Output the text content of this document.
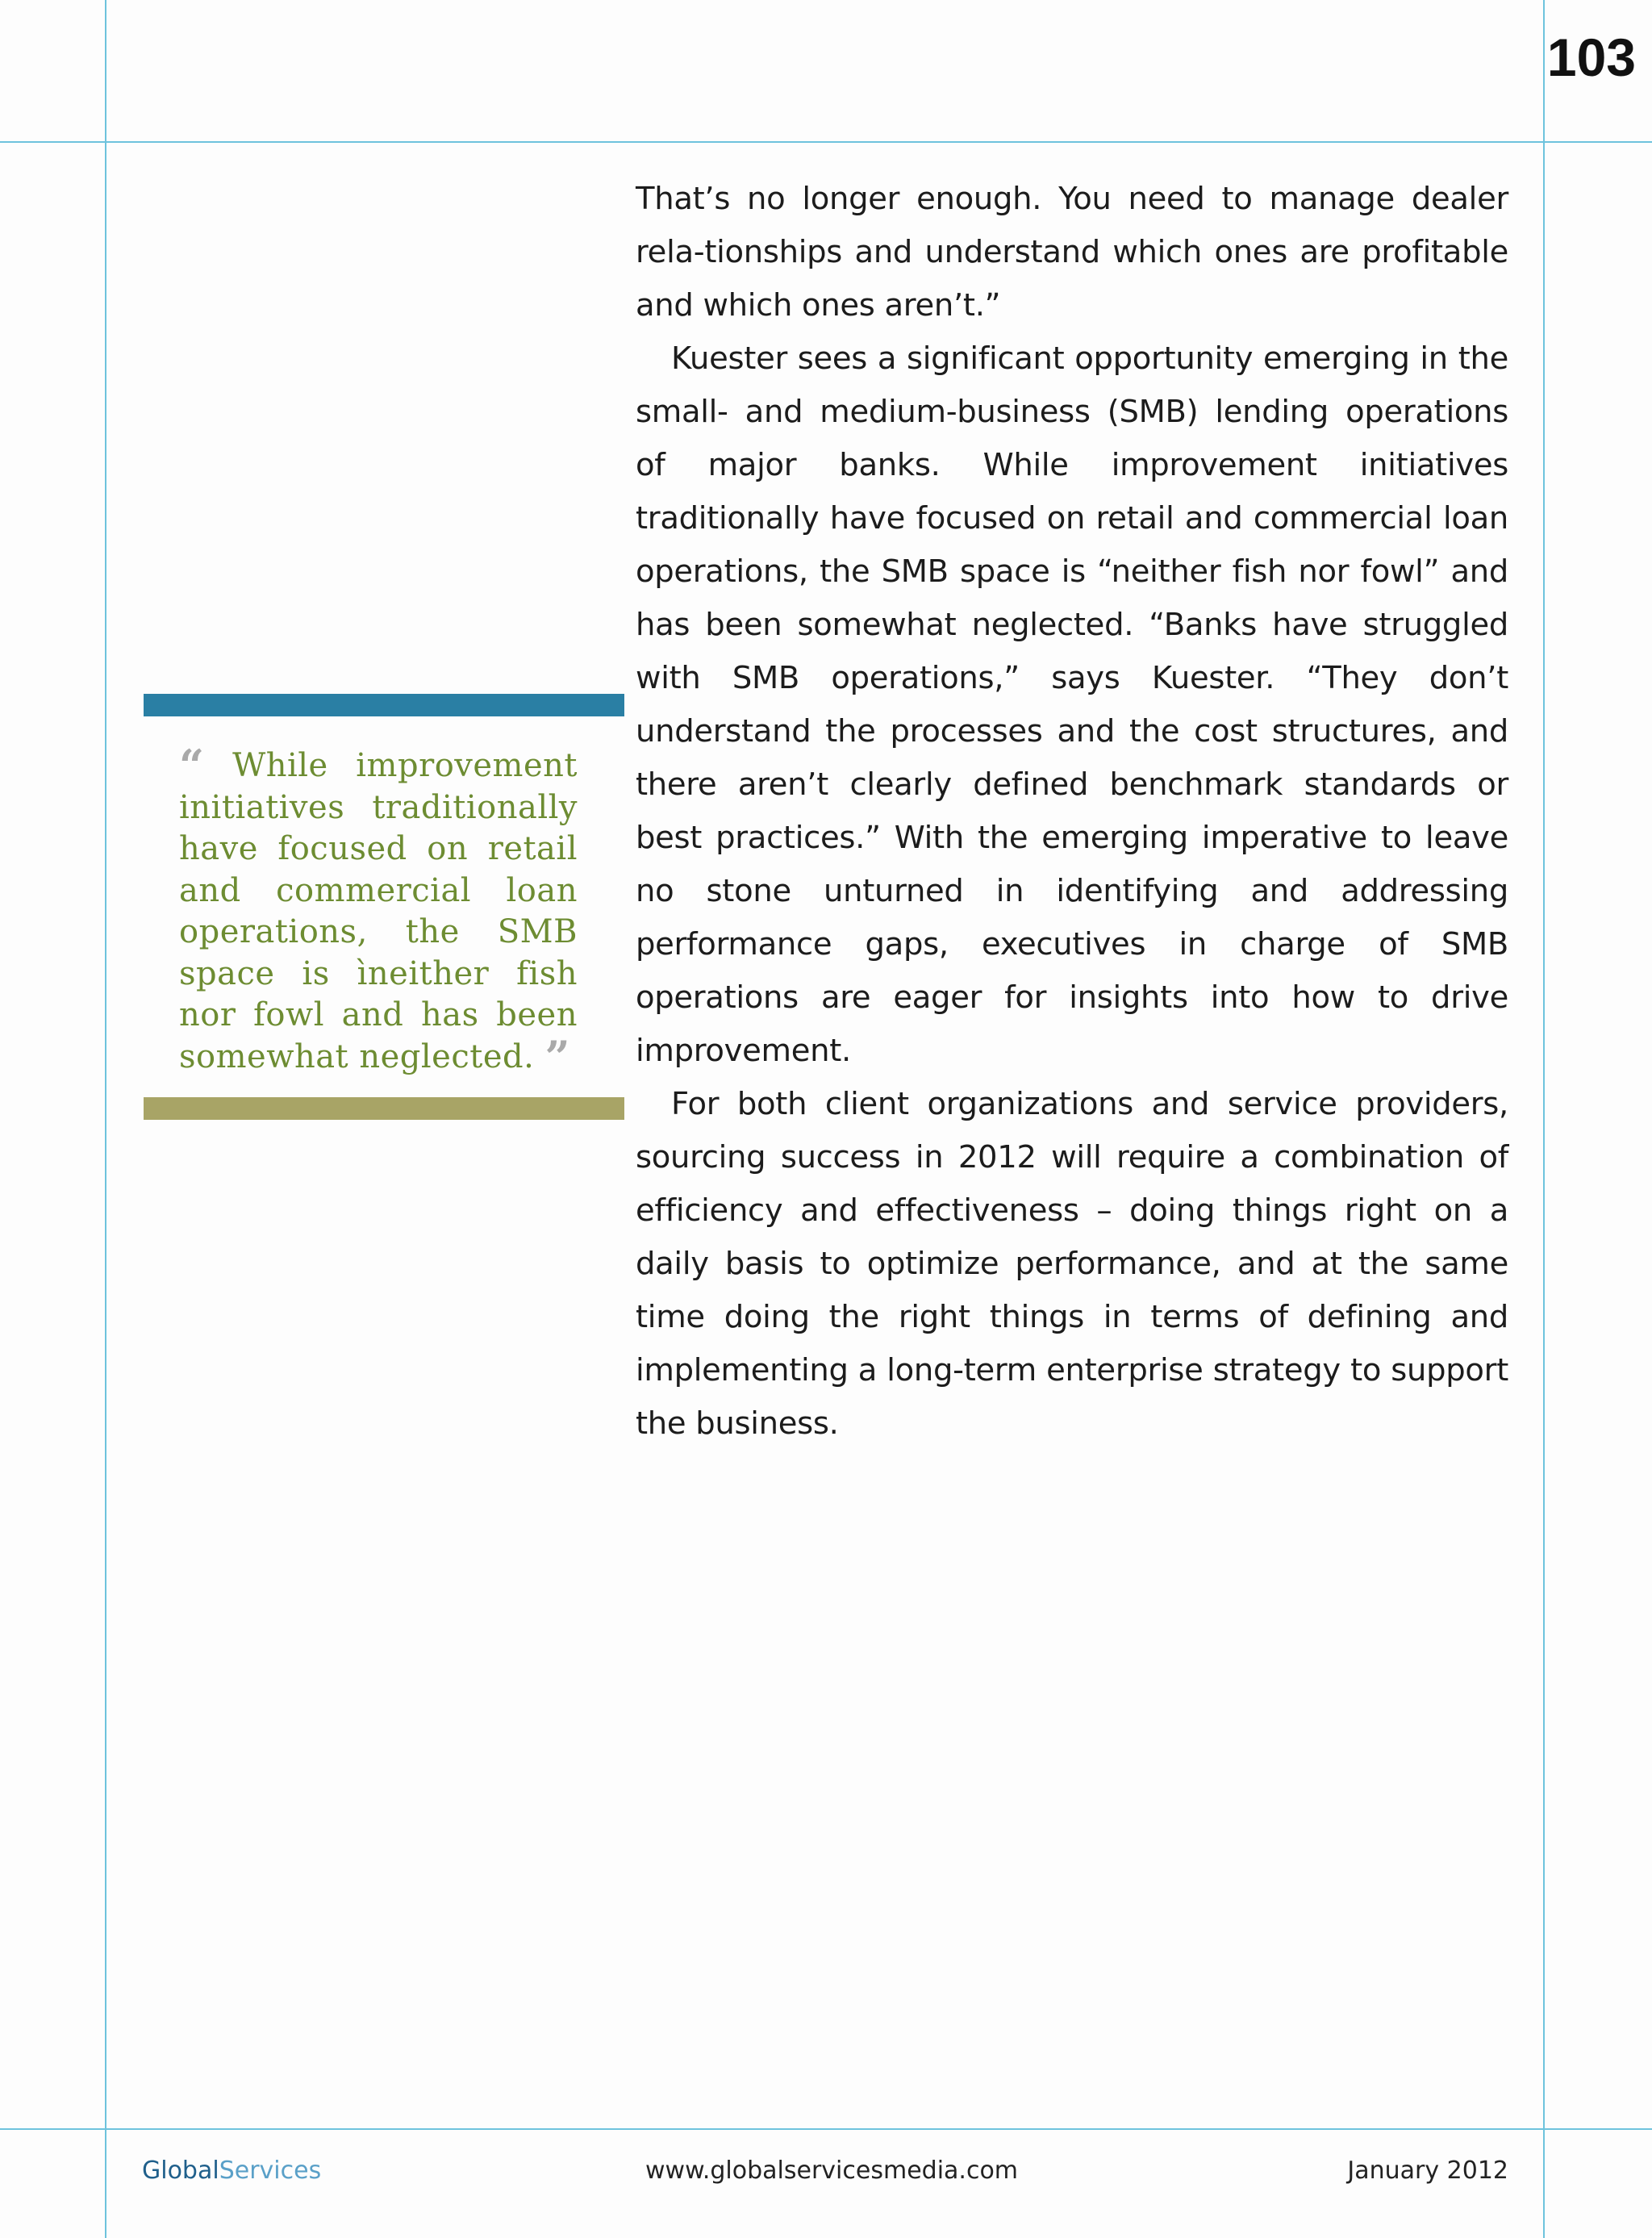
103

That’s no longer enough. You need to manage dealer rela-tionships and understand which ones are profitable and which ones aren’t.”

Kuester sees a significant opportunity emerging in the small- and medium-business (SMB) lending operations of major banks. While improvement initiatives traditionally have focused on retail and commercial loan operations, the SMB space is “neither fish nor fowl” and has been somewhat neglected. “Banks have struggled with SMB operations,” says Kuester. “They don’t understand the processes and the cost structures, and there aren’t clearly defined benchmark standards or best practices.” With the emerging imperative to leave no stone unturned in identifying and addressing performance gaps, executives in charge of SMB operations are eager for insights into how to drive improvement.

For both client organizations and service providers, sourcing success in 2012 will require a combination of efficiency and effectiveness – doing things right on a daily basis to optimize performance, and at the same time doing the right things in terms of defining and implementing a long-term enterprise strategy to support the business.

“ While improvement initiatives traditionally have focused on retail and commercial loan operations, the SMB space is ìneither fish nor fowl and has been somewhat neglected. ”
GlobalServices	www.globalservicesmedia.com	January 2012
